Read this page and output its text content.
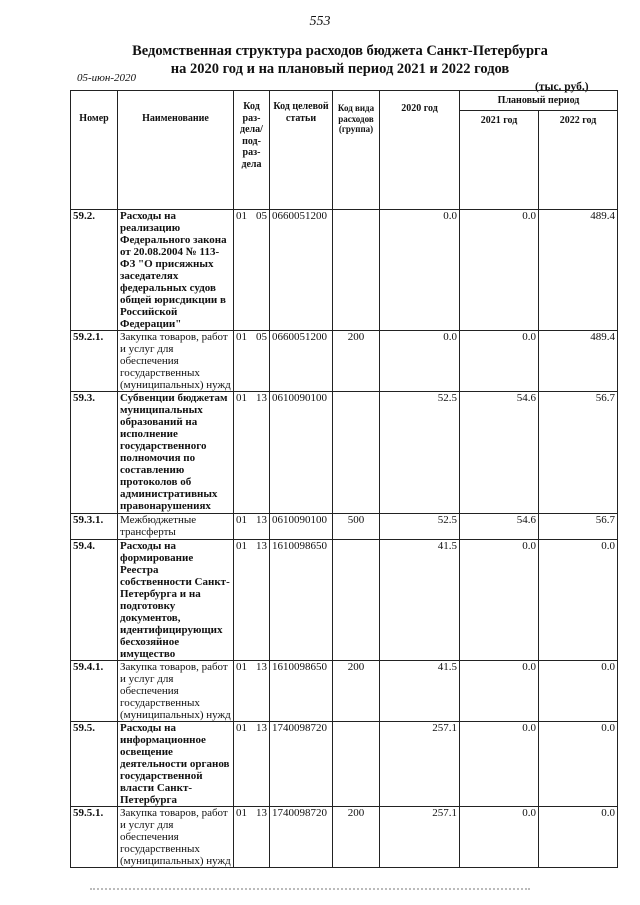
553
Ведомственная структура расходов бюджета Санкт-Петербурга
на 2020 год и на плановый период 2021 и 2022 годов
05-июн-2020
(тыс. руб.)
Номер	Наименование	Код раз-дела/ под-раз-дела	Код целевой статьи	Код вида расходов (группа)	2020 год	Плановый период	
						2021 год	2022 год
59.2.	Расходы на реализацию Федерального закона от 20.08.2004 № 113-ФЗ "О присяжных заседателях федеральных судов общей юрисдикции в Российской Федерации"	01 05	0660051200		0.0	0.0	489.4
59.2.1.	Закупка товаров, работ и услуг для обеспечения государственных (муниципальных) нужд	01 05	0660051200	200	0.0	0.0	489.4
59.3.	Субвенции бюджетам муниципальных образований на исполнение государственного полномочия по составлению протоколов об административных правонарушениях	01 13	0610090100		52.5	54.6	56.7
59.3.1.	Межбюджетные трансферты	01 13	0610090100	500	52.5	54.6	56.7
59.4.	Расходы на формирование Реестра собственности Санкт-Петербурга и на подготовку документов, идентифицирующих бесхозяйное имущество	01 13	1610098650		41.5	0.0	0.0
59.4.1.	Закупка товаров, работ и услуг для обеспечения государственных (муниципальных) нужд	01 13	1610098650	200	41.5	0.0	0.0
59.5.	Расходы на информационное освещение деятельности органов государственной власти Санкт-Петербурга	01 13	1740098720		257.1	0.0	0.0
59.5.1.	Закупка товаров, работ и услуг для обеспечения государственных (муниципальных) нужд	01 13	1740098720	200	257.1	0.0	0.0
